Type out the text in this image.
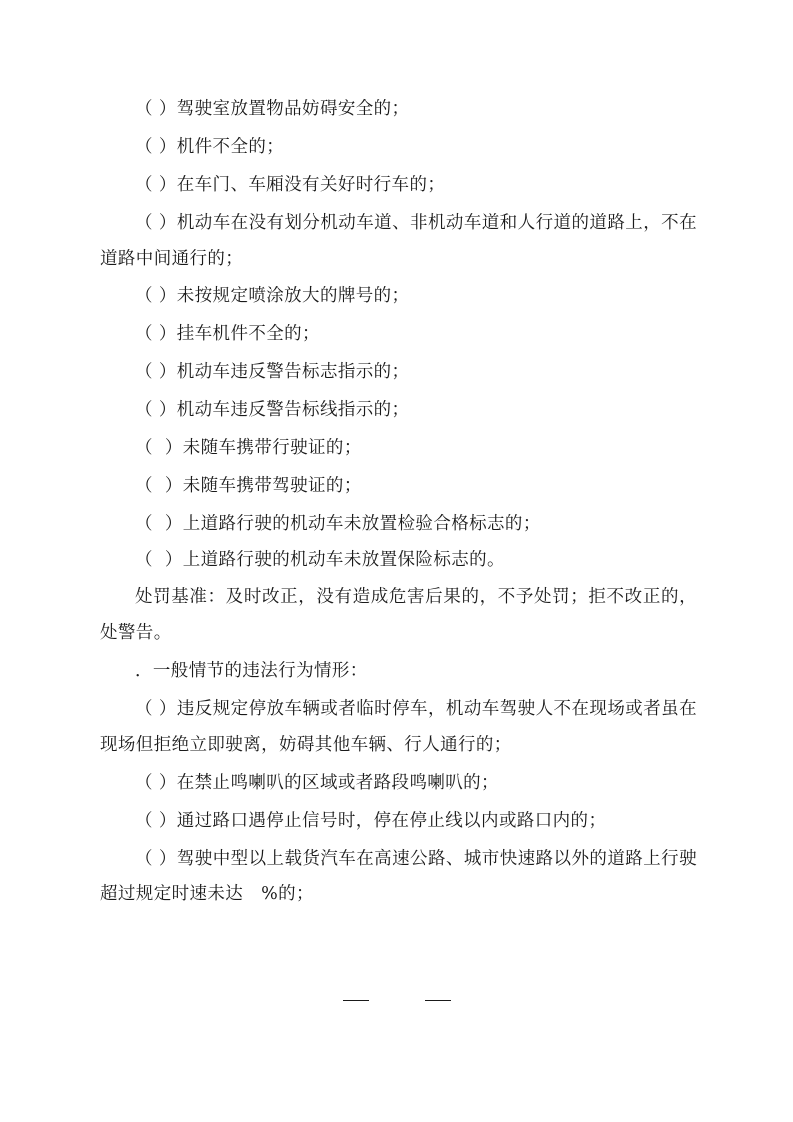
（ ）驾驶室放置物品妨碍安全的；

（ ）机件不全的；

（ ）在车门、车厢没有关好时行车的；

（ ）机动车在没有划分机动车道、非机动车道和人行道的道路上，不在道路中间通行的；

（ ）未按规定喷涂放大的牌号的；

（ ）挂车机件不全的；

（ ）机动车违反警告标志指示的；

（ ）机动车违反警告标线指示的；

（  ）未随车携带行驶证的；

（  ）未随车携带驾驶证的；

（  ）上道路行驶的机动车未放置检验合格标志的；

（  ）上道路行驶的机动车未放置保险标志的。

处罚基准：及时改正，没有造成危害后果的，不予处罚；拒不改正的，处警告。

．一般情节的违法行为情形：

（ ）违反规定停放车辆或者临时停车，机动车驾驶人不在现场或者虽在现场但拒绝立即驶离，妨碍其他车辆、行人通行的；

（ ）在禁止鸣喇叭的区域或者路段鸣喇叭的；

（ ）通过路口遇停止信号时，停在停止线以内或路口内的；

（ ）驾驶中型以上载货汽车在高速公路、城市快速路以外的道路上行驶超过规定时速未达　%的；
